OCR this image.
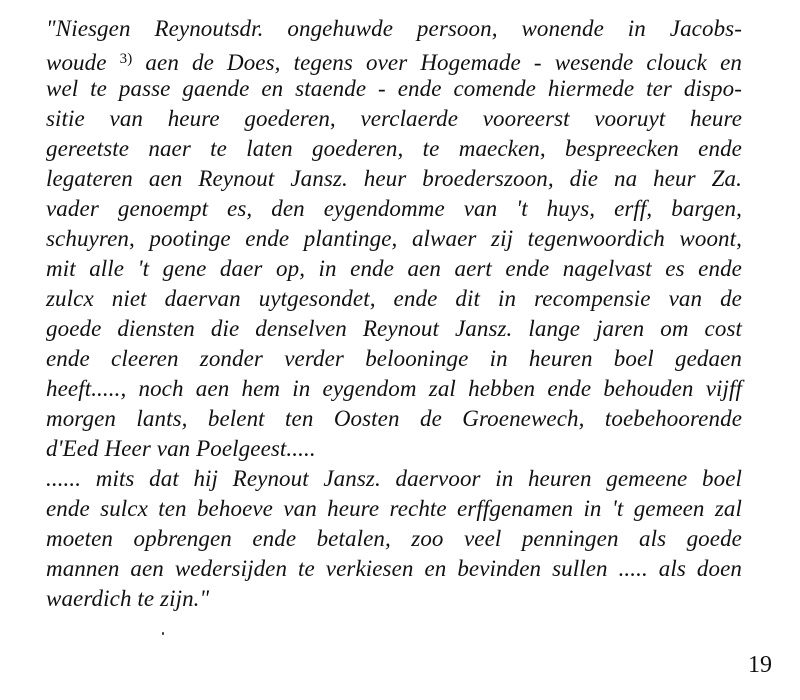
"Niesgen Reynoutsdr. ongehuwde persoon, wonende in Jacobs-
woude $^{3)}$ aen de Does, tegens over Hogemade - wesende clouck en
wel te passe gaende en staende - ende comende hiermede ter dispo-
sitie van heure goederen, verclaerde vooreerst vooruyt heure
gereetste naer te laten goederen, te maecken, bespreecken ende
legateren aen Reynout Jansz. heur broederszoon, die na heur Za.
vader genoempt es, den eygendomme van 't huys, erff, bargen,
schuyren, pootinge ende plantinge, alwaer zij tegenwoordich woont,
mit alle 't gene daer op, in ende aen aert ende nagelvast es ende
zulcx niet daervan uytgesondet, ende dit in recompensie van de
goede diensten die denselven Reynout Jansz. lange jaren om cost
ende cleeren zonder verder belooninge in heuren boel gedaen
heeft....., noch aen hem in eygendom zal hebben ende behouden vijff
morgen lants, belent ten Oosten de Groenewech, toebehoorende
d'Eed Heer van Poelgeest.....
...... mits dat hij Reynout Jansz. daervoor in heuren gemeene boel
ende sulcx ten behoeve van heure rechte erffgenamen in 't gemeen zal
moeten opbrengen ende betalen, zoo veel penningen als goede
mannen aen wedersijden te verkiesen en bevinden sullen ..... als doen
waerdich te zijn."
19
